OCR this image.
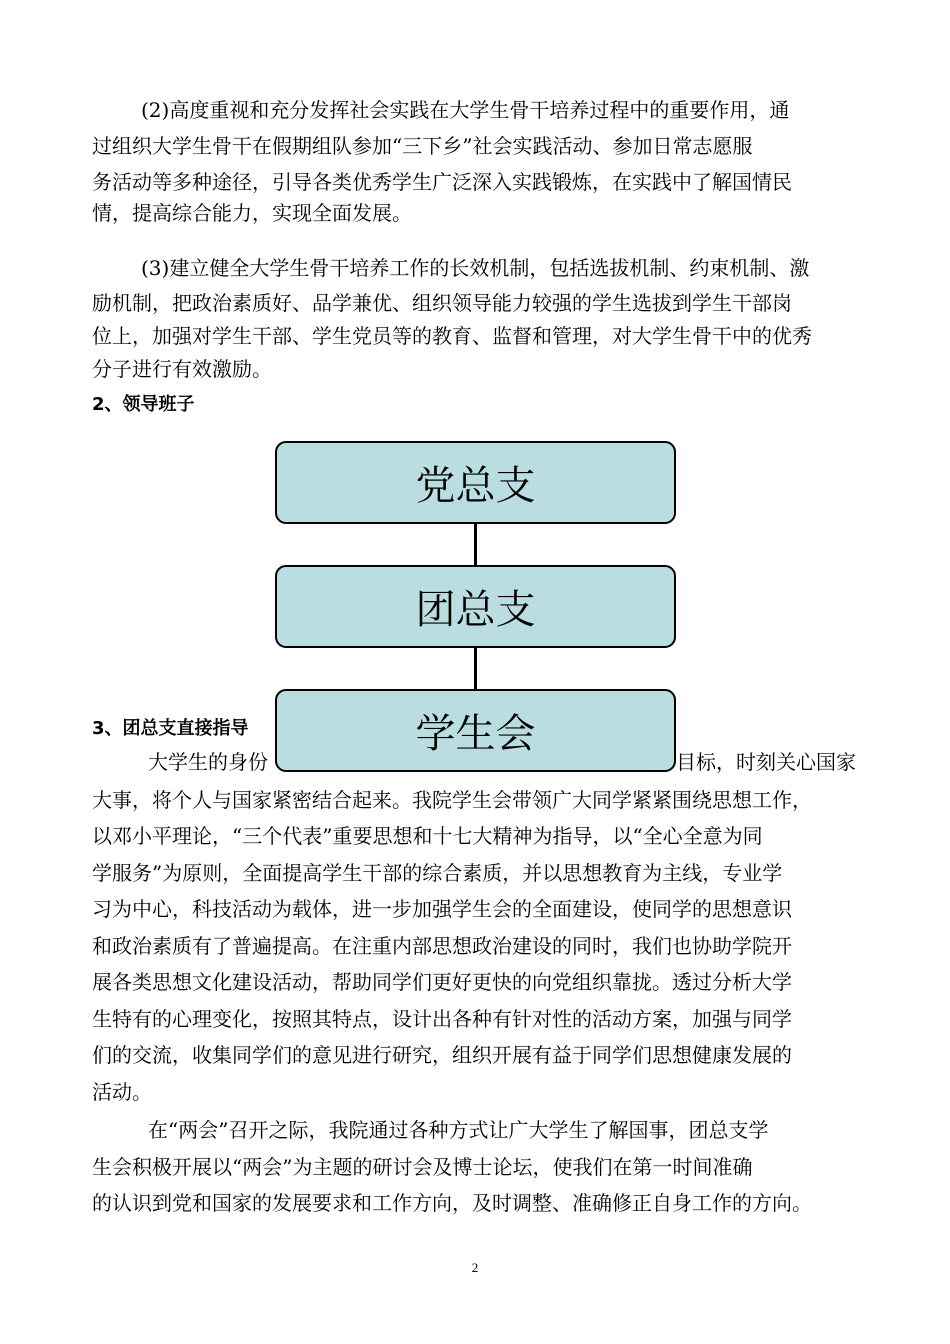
(2)高度重视和充分发挥社会实践在大学生骨干培养过程中的重要作用，通
过组织大学生骨干在假期组队参加“三下乡”社会实践活动、参加日常志愿服
务活动等多种途径，引导各类优秀学生广泛深入实践锻炼，在实践中了解国情民
情，提高综合能力，实现全面发展。
(3)建立健全大学生骨干培养工作的长效机制，包括选拔机制、约束机制、激
励机制，把政治素质好、品学兼优、组织领导能力较强的学生选拔到学生干部岗
位上，加强对学生干部、学生党员等的教育、监督和管理，对大学生骨干中的优秀
分子进行有效激励。
2、领导班子
3、团总支直接指导
大学生的身份	目标，时刻关心国家
党总支
团总支
学生会
大事，将个人与国家紧密结合起来。我院学生会带领广大同学紧紧围绕思想工作，
以邓小平理论，“三个代表”重要思想和十七大精神为指导，以“全心全意为同
学服务”为原则，全面提高学生干部的综合素质，并以思想教育为主线，专业学
习为中心，科技活动为载体，进一步加强学生会的全面建设，使同学的思想意识
和政治素质有了普遍提高。在注重内部思想政治建设的同时，我们也协助学院开
展各类思想文化建设活动，帮助同学们更好更快的向党组织靠拢。透过分析大学
生特有的心理变化，按照其特点，设计出各种有针对性的活动方案，加强与同学
们的交流，收集同学们的意见进行研究，组织开展有益于同学们思想健康发展的
活动。
在“两会”召开之际，我院通过各种方式让广大学生了解国事，团总支学
生会积极开展以“两会”为主题的研讨会及博士论坛，使我们在第一时间准确
的认识到党和国家的发展要求和工作方向，及时调整、准确修正自身工作的方向。
2
